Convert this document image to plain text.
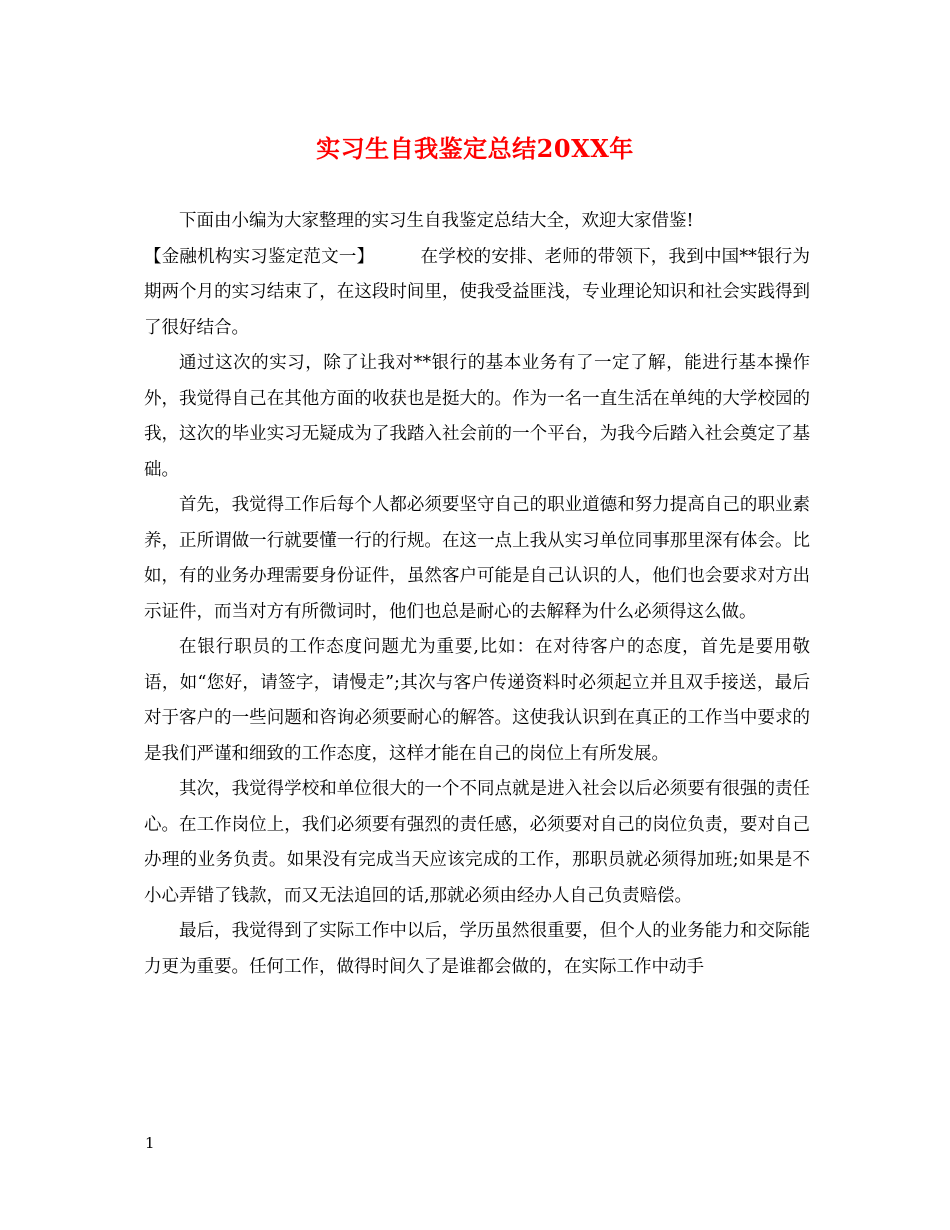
实习生自我鉴定总结20XX年

下面由小编为大家整理的实习生自我鉴定总结大全，欢迎大家借鉴!

【金融机构实习鉴定范文一】	在学校的安排、老师的带领下，我到中国**银行为期两个月的实习结束了，在这段时间里，使我受益匪浅，专业理论知识和社会实践得到了很好结合。

通过这次的实习，除了让我对**银行的基本业务有了一定了解，能进行基本操作外，我觉得自己在其他方面的收获也是挺大的。作为一名一直生活在单纯的大学校园的我，这次的毕业实习无疑成为了我踏入社会前的一个平台，为我今后踏入社会奠定了基础。

首先，我觉得工作后每个人都必须要坚守自己的职业道德和努力提高自己的职业素养，正所谓做一行就要懂一行的行规。在这一点上我从实习单位同事那里深有体会。比如，有的业务办理需要身份证件，虽然客户可能是自己认识的人，他们也会要求对方出示证件，而当对方有所微词时，他们也总是耐心的去解释为什么必须得这么做。

在银行职员的工作态度问题尤为重要,比如：在对待客户的态度，首先是要用敬语，如“您好，请签字，请慢走”;其次与客户传递资料时必须起立并且双手接送，最后对于客户的一些问题和咨询必须要耐心的解答。这使我认识到在真正的工作当中要求的是我们严谨和细致的工作态度，这样才能在自己的岗位上有所发展。

其次，我觉得学校和单位很大的一个不同点就是进入社会以后必须要有很强的责任心。在工作岗位上，我们必须要有强烈的责任感，必须要对自己的岗位负责，要对自己办理的业务负责。如果没有完成当天应该完成的工作，那职员就必须得加班;如果是不小心弄错了钱款，而又无法追回的话,那就必须由经办人自己负责赔偿。

最后，我觉得到了实际工作中以后，学历虽然很重要，但个人的业务能力和交际能力更为重要。任何工作，做得时间久了是谁都会做的，在实际工作中动手

1
